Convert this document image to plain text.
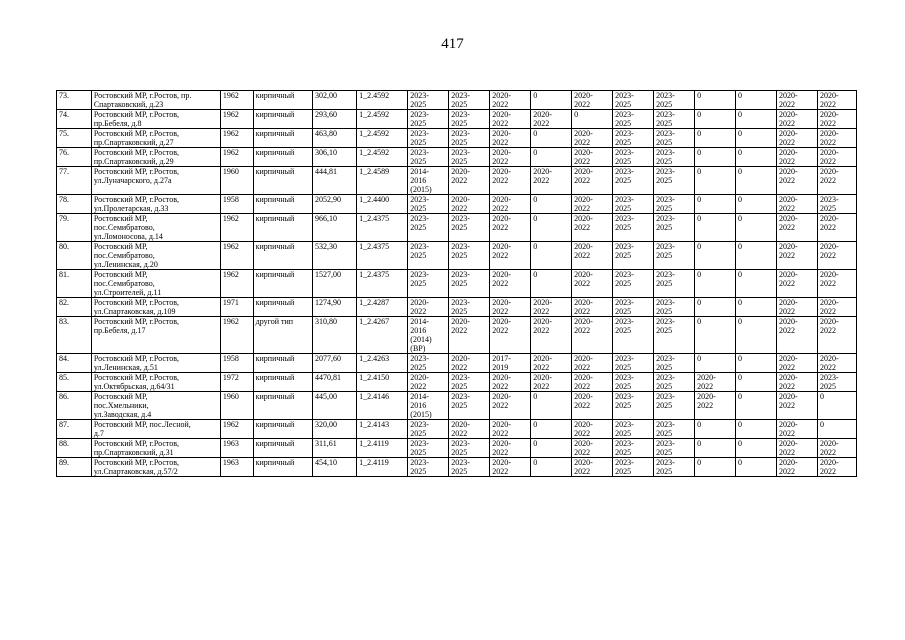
417
73.	Ростовский МР, г.Ростов, пр.
Спартаковский, д.23	1962	кирпичный	302,00	1_2.4592	2023-
2025	2023-
2025	2020-
2022	0	2020-
2022	2023-
2025	2023-
2025	0	0	2020-
2022	2020-
2022
74.	Ростовский МР, г.Ростов,
пр.Бебеля, д.8	1962	кирпичный	293,60	1_2.4592	2023-
2025	2023-
2025	2020-
2022	2020-
2022	0	2023-
2025	2023-
2025	0	0	2020-
2022	2020-
2022
75.	Ростовский МР, г.Ростов,
пр.Спартаковский, д.27	1962	кирпичный	463,80	1_2.4592	2023-
2025	2023-
2025	2020-
2022	0	2020-
2022	2023-
2025	2023-
2025	0	0	2020-
2022	2020-
2022
76.	Ростовский МР, г.Ростов,
пр.Спартаковский, д.29	1962	кирпичный	306,10	1_2.4592	2023-
2025	2023-
2025	2020-
2022	0	2020-
2022	2023-
2025	2023-
2025	0	0	2020-
2022	2020-
2022
77.	Ростовский МР, г.Ростов,
ул.Луначарского, д.27а	1960	кирпичный	444,81	1_2.4589	2014-
2016
(2015)	2020-
2022	2020-
2022	2020-
2022	2020-
2022	2023-
2025	2023-
2025	0	0	2020-
2022	2020-
2022
78.	Ростовский МР, г.Ростов,
ул.Пролетарская, д.33	1958	кирпичный	2052,90	1_2.4400	2023-
2025	2020-
2022	2020-
2022	0	2020-
2022	2023-
2025	2023-
2025	0	0	2020-
2022	2023-
2025
79.	Ростовский МР,
пос.Семибратово,
ул.Ломоносова, д.14	1962	кирпичный	966,10	1_2.4375	2023-
2025	2023-
2025	2020-
2022	0	2020-
2022	2023-
2025	2023-
2025	0	0	2020-
2022	2020-
2022
80.	Ростовский МР,
пос.Семибратово,
ул.Ленинская, д.20	1962	кирпичный	532,30	1_2.4375	2023-
2025	2023-
2025	2020-
2022	0	2020-
2022	2023-
2025	2023-
2025	0	0	2020-
2022	2020-
2022
81.	Ростовский МР,
пос.Семибратово,
ул.Строителей, д.11	1962	кирпичный	1527,00	1_2.4375	2023-
2025	2023-
2025	2020-
2022	0	2020-
2022	2023-
2025	2023-
2025	0	0	2020-
2022	2020-
2022
82.	Ростовский МР, г.Ростов,
ул.Спартаковская, д.109	1971	кирпичный	1274,90	1_2.4287	2020-
2022	2023-
2025	2020-
2022	2020-
2022	2020-
2022	2023-
2025	2023-
2025	0	0	2020-
2022	2020-
2022
83.	Ростовский МР, г.Ростов,
пр.Бебеля, д.17	1962	другой тип	310,80	1_2.4267	2014-
2016
(2014)
(ВР)	2020-
2022	2020-
2022	2020-
2022	2020-
2022	2023-
2025	2023-
2025	0	0	2020-
2022	2020-
2022
84.	Ростовский МР, г.Ростов,
ул.Ленинская, д.51	1958	кирпичный	2077,60	1_2.4263	2023-
2025	2020-
2022	2017-
2019	2020-
2022	2020-
2022	2023-
2025	2023-
2025	0	0	2020-
2022	2020-
2022
85.	Ростовский МР, г.Ростов,
ул.Октябрьская, д.64/31	1972	кирпичный	4470,81	1_2.4150	2020-
2022	2023-
2025	2020-
2022	2020-
2022	2020-
2022	2023-
2025	2023-
2025	2020-
2022	0	2020-
2022	2023-
2025
86.	Ростовский МР,
пос.Хмельники,
ул.Заводская, д.4	1960	кирпичный	445,00	1_2.4146	2014-
2016
(2015)	2023-
2025	2020-
2022	0	2020-
2022	2023-
2025	2023-
2025	2020-
2022	0	2020-
2022	0
87.	Ростовский МР, пос.Лесной,
д.7	1962	кирпичный	320,00	1_2.4143	2023-
2025	2020-
2022	2020-
2022	0	2020-
2022	2023-
2025	2023-
2025	0	0	2020-
2022	0
88.	Ростовский МР, г.Ростов,
пр.Спартаковский, д.31	1963	кирпичный	311,61	1_2.4119	2023-
2025	2023-
2025	2020-
2022	0	2020-
2022	2023-
2025	2023-
2025	0	0	2020-
2022	2020-
2022
89.	Ростовский МР, г.Ростов,
ул.Спартаковская, д.57/2	1963	кирпичный	454,10	1_2.4119	2023-
2025	2023-
2025	2020-
2022	0	2020-
2022	2023-
2025	2023-
2025	0	0	2020-
2022	2020-
2022
